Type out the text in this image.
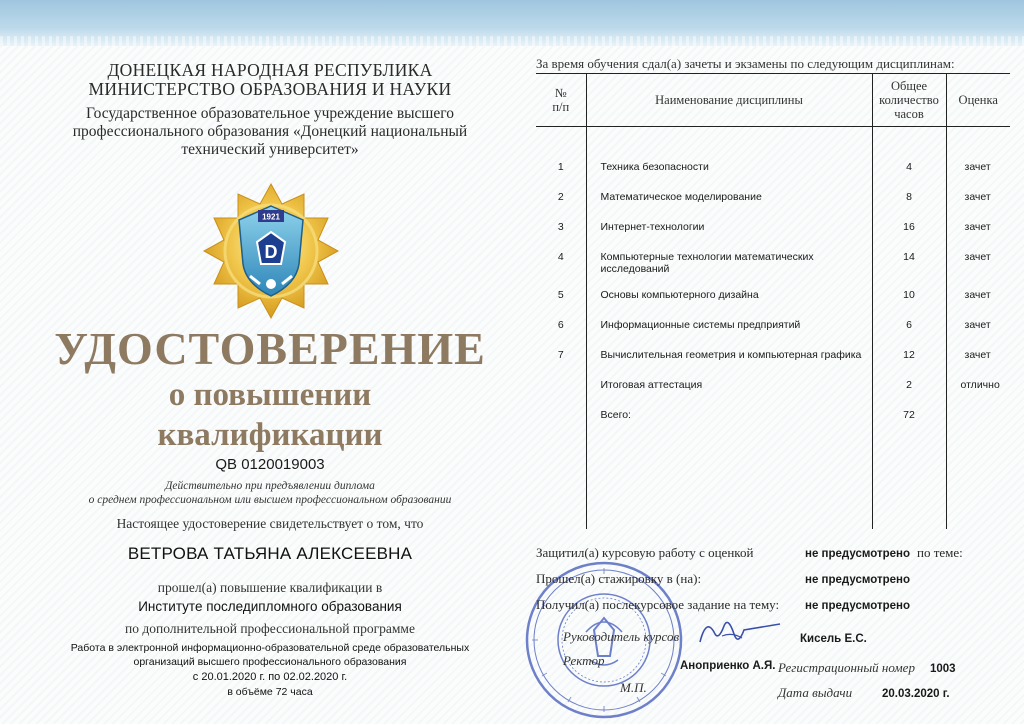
ДОНЕЦКАЯ НАРОДНАЯ РЕСПУБЛИКА

МИНИСТЕРСТВО ОБРАЗОВАНИЯ И НАУКИ

Государственное образовательное учреждение высшего

профессионального образования «Донецкий национальный

технический университет»

1921
D

УДОСТОВЕРЕНИЕ

о повышении

квалификации

QB 0120019003

Действительно при предъявлении диплома

о среднем профессиональном или высшем профессиональном образовании

Настоящее удостоверение свидетельствует о том, что

ВЕТРОВА ТАТЬЯНА АЛЕКСЕЕВНА

прошел(а) повышение квалификации в

Институте последипломного образования

по дополнительной профессиональной программе

Работа в электронной информационно-образовательной среде образовательных

организаций высшего профессионального образования

с 20.01.2020 г. по 02.02.2020 г.

в объёме 72 часа

За время обучения сдал(а) зачеты и экзамены по следующим дисциплинам:

№
п/п	Наименование дисциплины	Общее
количество
часов	Оценка
1	Техника безопасности	4	зачет
2	Математическое моделирование	8	зачет
3	Интернет-технологии	16	зачет
4	Компьютерные технологии математических
исследований	14	зачет
5	Основы компьютерного дизайна	10	зачет
6	Информационные системы предприятий	6	зачет
7	Вычислительная геометрия и компьютерная графика	12	зачет
	Итоговая аттестация	2	отлично
	Всего:	72	

Защитил(а) курсовую работу с оценкой	не предусмотрено по теме:

Прошел(а) стажировку в (на):	не предусмотрено

Получил(а) послекурсовое задание на тему: не предусмотрено

Руководитель курсов	Кисель Е.С.

Ректор	Аноприенко А.Я.

М.П.

Регистрационный номер 1003

Дата выдачи	20.03.2020 г.
